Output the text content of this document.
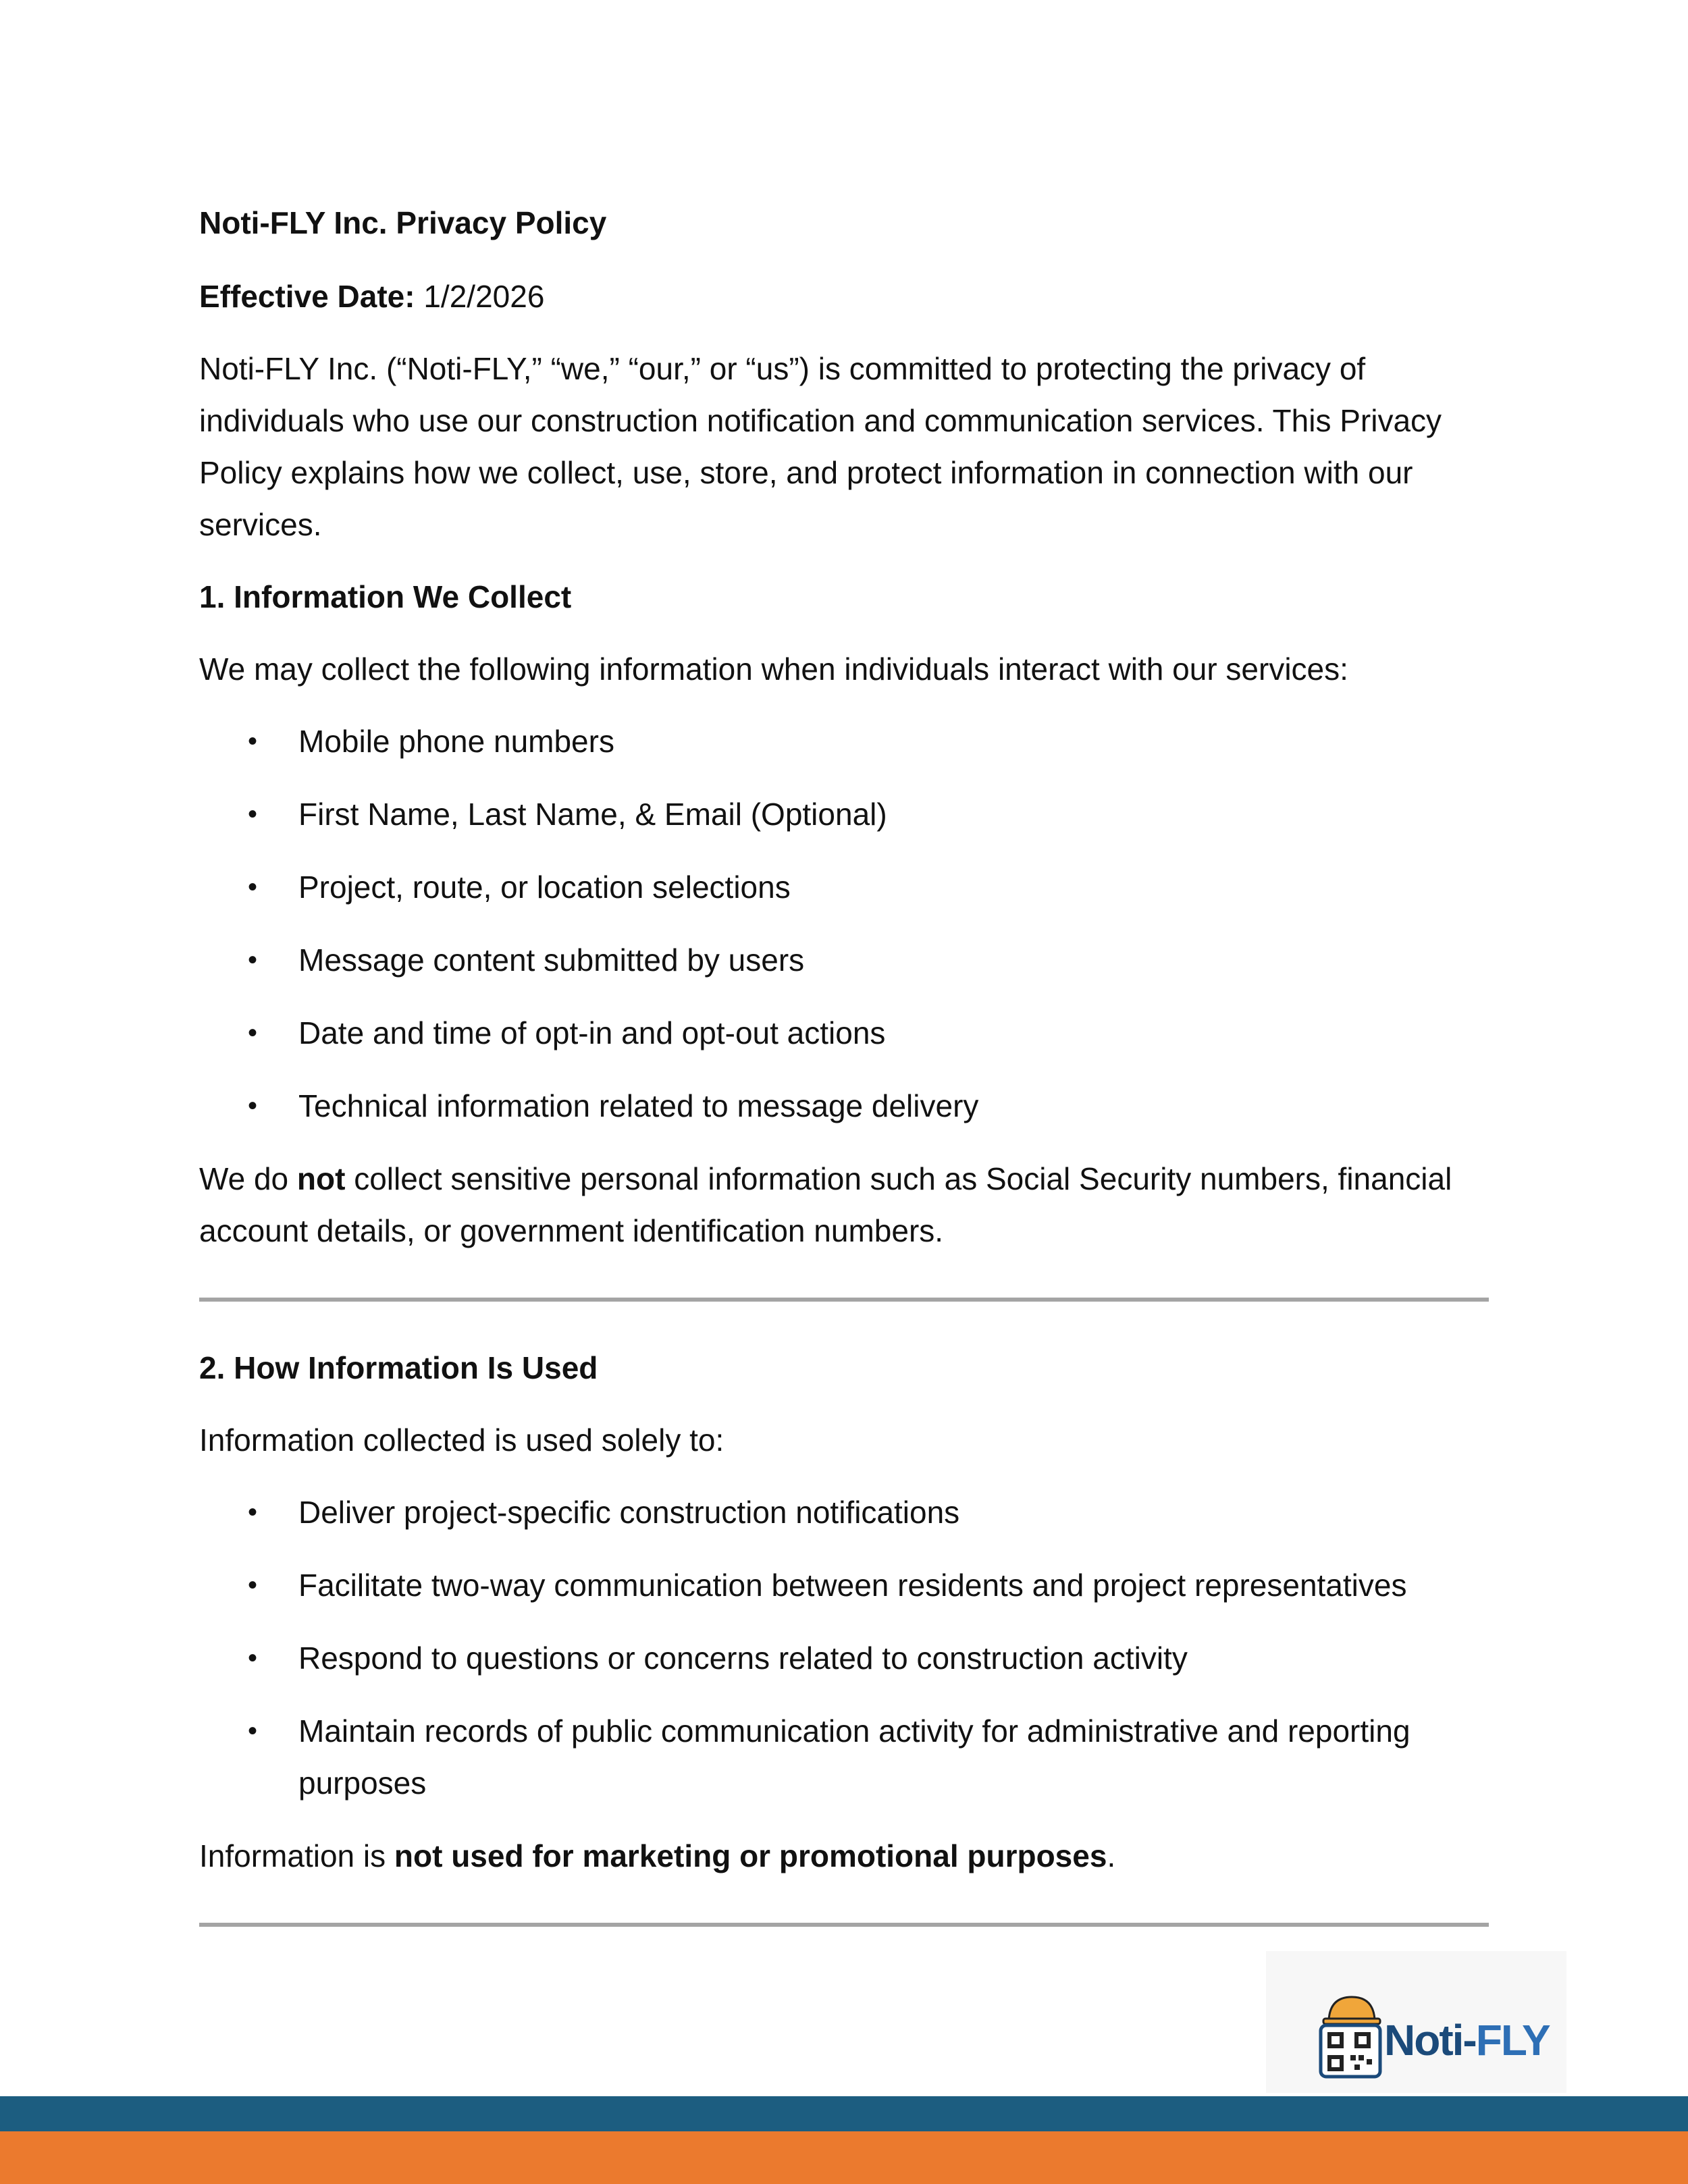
Noti-FLY Inc. Privacy Policy

Effective Date: 1/2/2026

Noti-FLY Inc. (“Noti-FLY,” “we,” “our,” or “us”) is committed to protecting the privacy of individuals who use our construction notification and communication services. This Privacy Policy explains how we collect, use, store, and protect information in connection with our services.

1. Information We Collect

We may collect the following information when individuals interact with our services:

• Mobile phone numbers
• First Name, Last Name, & Email (Optional)
• Project, route, or location selections
• Message content submitted by users
• Date and time of opt-in and opt-out actions
• Technical information related to message delivery

We do not collect sensitive personal information such as Social Security numbers, financial account details, or government identification numbers.

2. How Information Is Used

Information collected is used solely to:

• Deliver project-specific construction notifications
• Facilitate two-way communication between residents and project representatives
• Respond to questions or concerns related to construction activity
• Maintain records of public communication activity for administrative and reporting purposes

Information is not used for marketing or promotional purposes.

Noti-FLY
